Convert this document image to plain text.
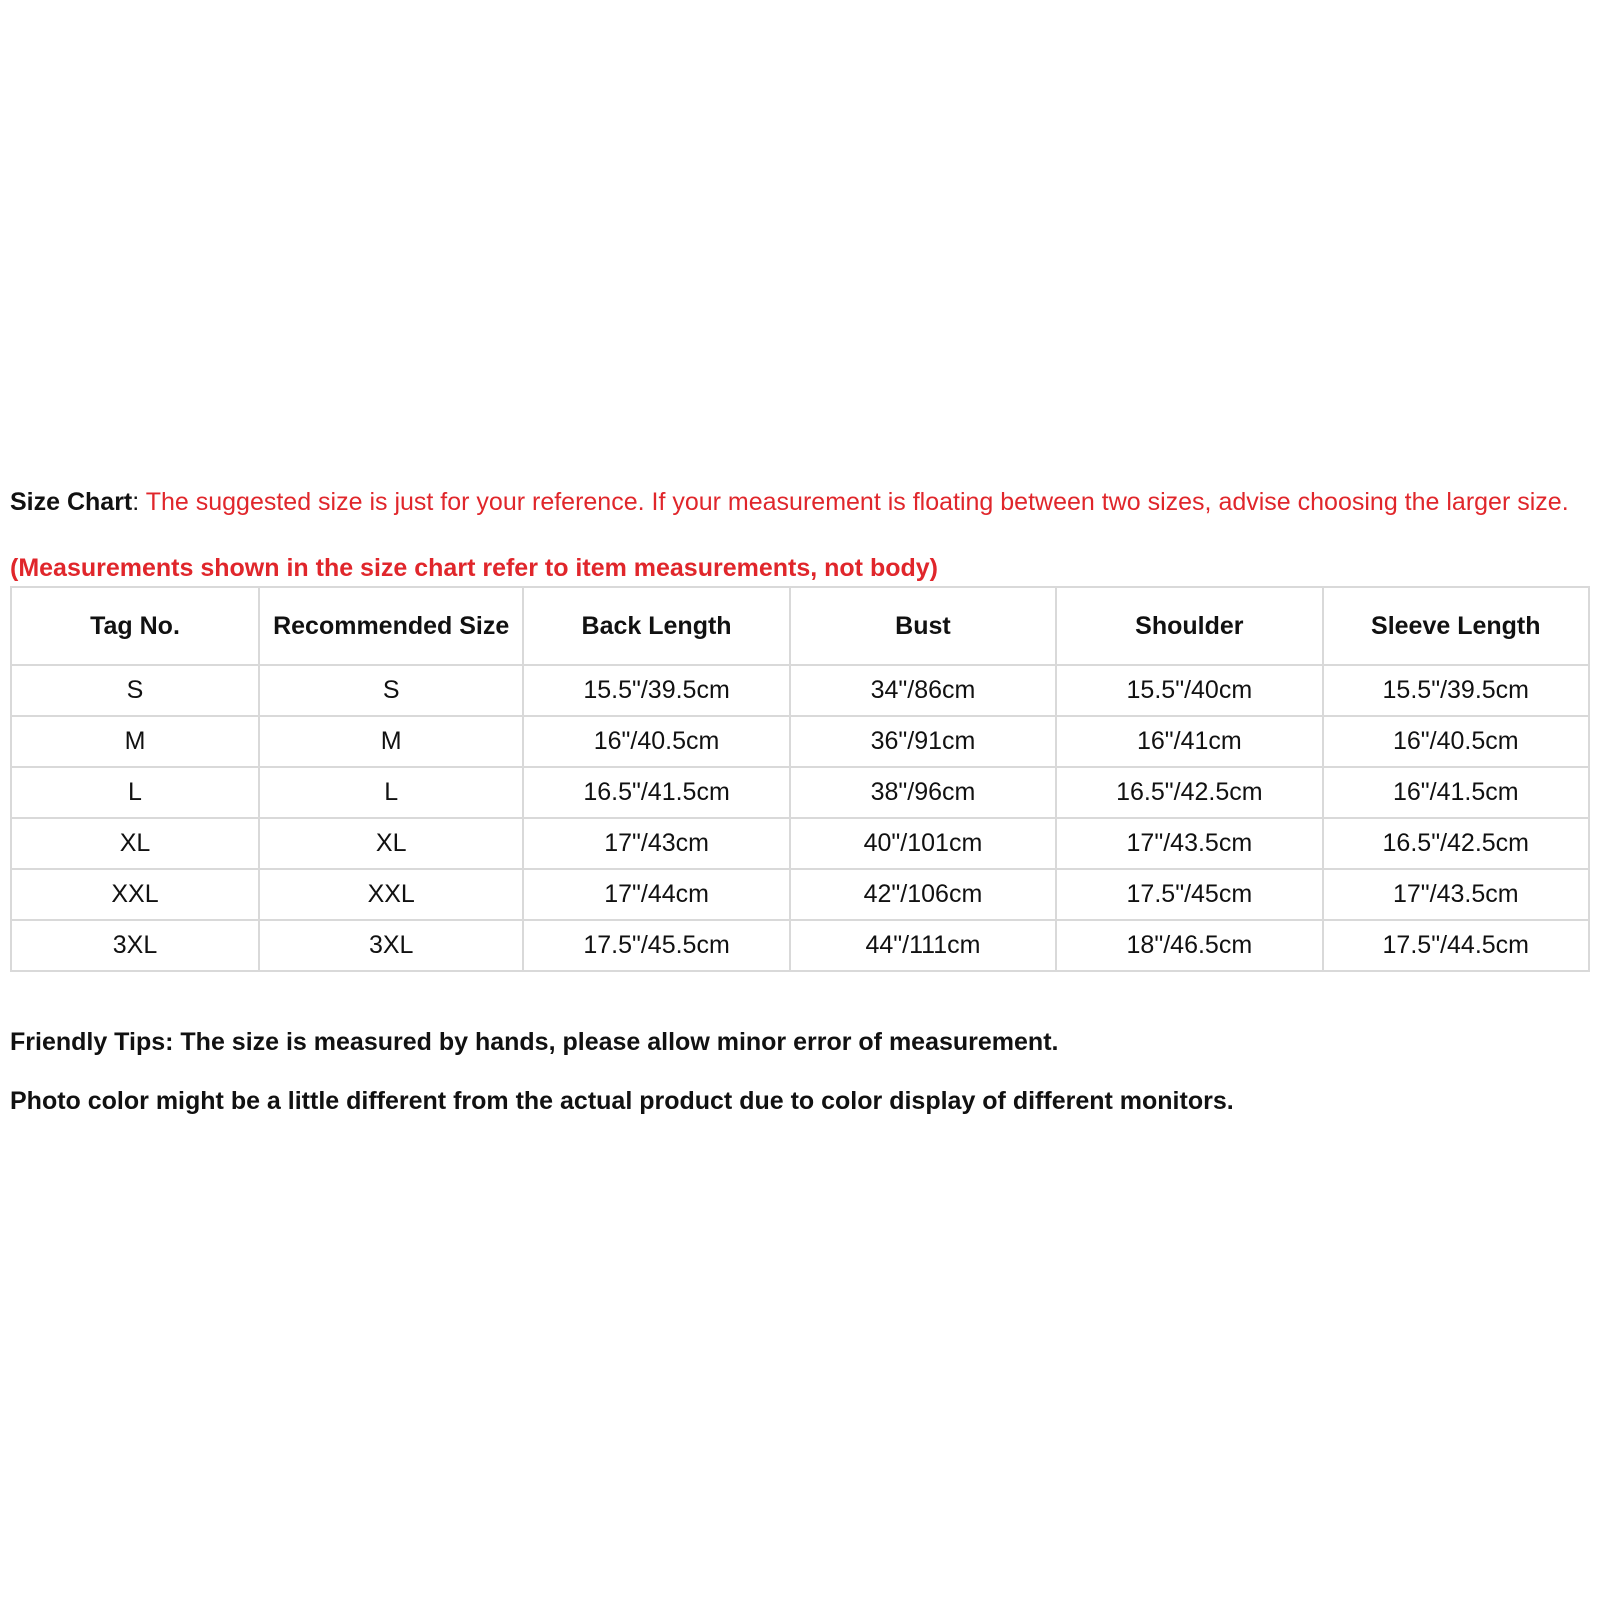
Size Chart: The suggested size is just for your reference. If your measurement is floating between two sizes, advise choosing the larger size.
(Measurements shown in the size chart refer to item measurements, not body)
Tag No.	Recommended Size	Back Length	Bust	Shoulder	Sleeve Length
S	S	15.5"/39.5cm	34"/86cm	15.5"/40cm	15.5"/39.5cm
M	M	16"/40.5cm	36"/91cm	16"/41cm	16"/40.5cm
L	L	16.5"/41.5cm	38"/96cm	16.5"/42.5cm	16"/41.5cm
XL	XL	17"/43cm	40"/101cm	17"/43.5cm	16.5"/42.5cm
XXL	XXL	17"/44cm	42"/106cm	17.5"/45cm	17"/43.5cm
3XL	3XL	17.5"/45.5cm	44"/111cm	18"/46.5cm	17.5"/44.5cm
Friendly Tips: The size is measured by hands, please allow minor error of measurement.
Photo color might be a little different from the actual product due to color display of different monitors.
